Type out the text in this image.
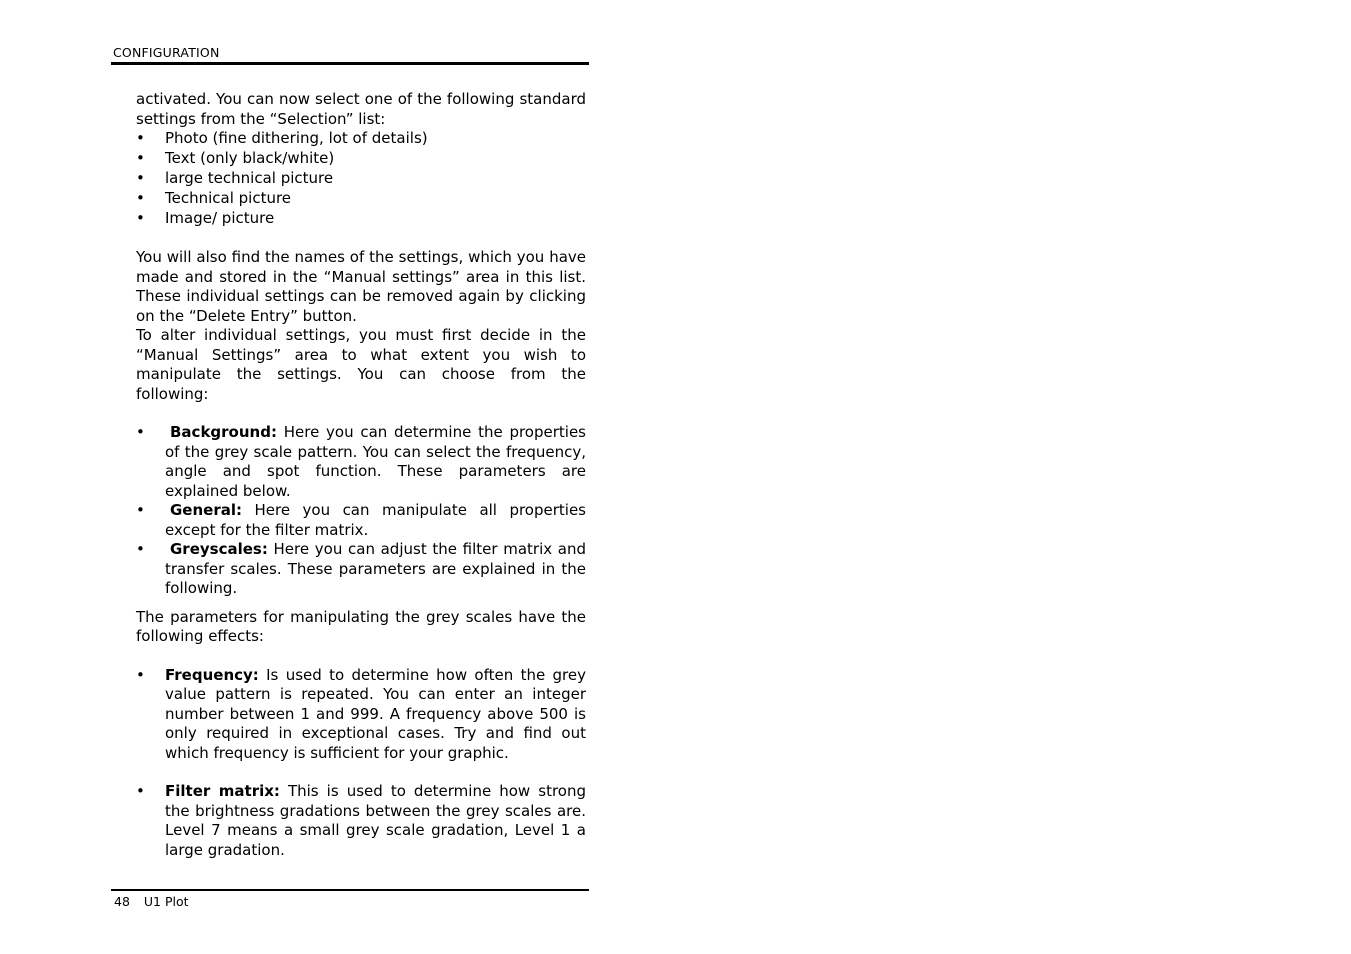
CONFIGURATION

activated. You can now select one of the following standard settings from the “Selection” list:

• Photo (fine dithering, lot of details)
• Text (only black/white)
• large technical picture
• Technical picture
• Image/ picture

You will also find the names of the settings, which you have made and stored in the “Manual settings” area in this list. These individual settings can be removed again by clicking on the “Delete Entry” button.

To alter individual settings, you must first decide in the “Manual Settings” area to what extent you wish to manipulate the settings. You can choose from the following:

• Background: Here you can determine the properties of the grey scale pattern. You can select the frequency, angle and spot function. These parameters are explained below.
• General: Here you can manipulate all properties except for the filter matrix.
• Greyscales: Here you can adjust the filter matrix and transfer scales. These parameters are explained in the following.

The parameters for manipulating the grey scales have the following effects:

• Frequency: Is used to determine how often the grey value pattern is repeated. You can enter an integer number between 1 and 999. A frequency above 500 is only required in exceptional cases. Try and find out which frequency is sufficient for your graphic.
• Filter matrix: This is used to determine how strong the brightness gradations between the grey scales are. Level 7 means a small grey scale gradation, Level 1 a large gradation.
48 U1 Plot
